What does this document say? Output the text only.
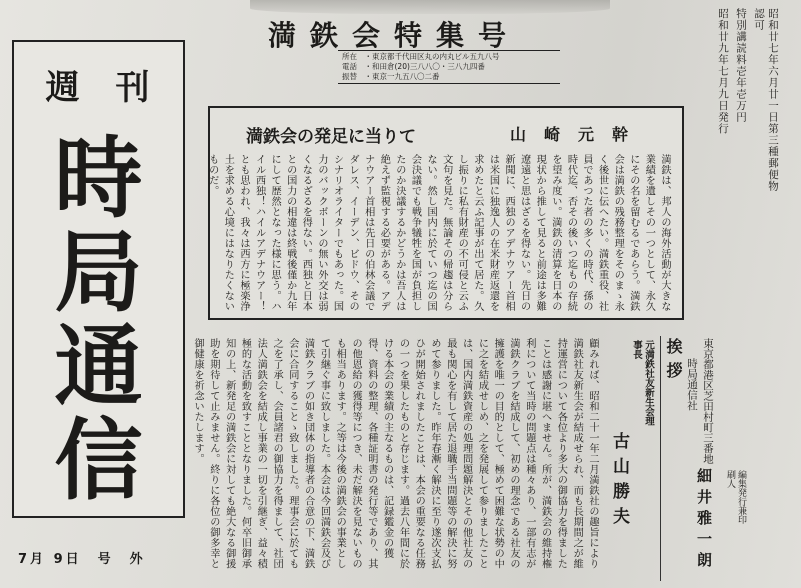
週 刊
時
局
通
信
7月 9日　号　外
満鉄会特集号
所在　・東京都千代田区丸の内丸ビル五九八号
電話　・和田倉(20)三八八〇・三八九四番
振替　・東京一九五八〇二番	昭和廿七年六月廿一日第三種郵便物認可
特別講読料壱年壱万円
昭和廿九年七月九日発行
満鉄会の発足に当りて	山崎元幹
満鉄は、邦人の海外活動が大きな業績を遺しその一つとして、永久にその名を留むるであらう。満鉄会は満鉄の残務整理をそのまゝ永く後世に伝へたい。満鉄重役、社員であつた者の多くの時代、孫の時代迄、否その後いつ迄もの存続を望み度い。満鉄の清算を日本の現状から推して見ると前途は多難遼遠と思はざるを得ない。先日の新聞に、西独のアデナウアー首相は米国に独逸人の在米財産返還を求めたと云ふ記事が出て居た。久し振りに私有財産の不可侵と云ふ文句を見た。無論その帰趨は分らない。然し国内に於ていつ迄の国会決議でも戦争犠牲を国が負担したのか決議するかどうかは吾人は絶えず監視する必要がある。アデナウアー首相は先日の伯林会議でダレス、イーデン、ビドウ、そのシナリオライターでもあった。国力のバックボーンの無い外交は弱くなるざるを得ない。西独と日本との国力の相違は終戦後僅か九年にして歴然となった様に思う。ハイル西独！ハイルアデナウアー！とも思われ、我々は西方に極楽浄土を求める心境にはなりたくないものだ。
東京都港区芝田村町三番地
時局通信社
編集発行兼印刷人
細井雅一朗
挨拶
元満鉄社友新生会理事長
古山勝夫
顧みれば、昭和二十一年二月満鉄社の趣旨により満鉄社友新生会が結成せられ、而も長期間之が維持運営について各位より多大の御協力を得ましたことは感謝に堪へません。所が、満鉄会の維持権利について当時の問題点は種々あり、一部有志が満鉄クラブを結成して、初めの理念である社友の擁護を唯一の目的として、極めて困難な状勢の中に之を結成せしめ、之を発展して参りましたことは、国内満鉄資産の処理問題解決とその他社友の最も関心を有して居た退職手当問題等の解決に努めて参りました。昨年春漸く解決に至り遂次支払ひが開始されましたことは、本会の重要なる任務の一つを果したものと存じます。過去八年間に於ける本会の業績の主なるものは、記録鑑金の獲得、資料の整理、各種証明書の発行等であり、其の他恩給の獲得等につき、未だ解決を見ないものも相当あります。之等は今後の満鉄会の事業として引継ぐ事に致しました。本会は今回満鉄会及び満鉄クラブの如き団体の指導者の合意の下、満鉄会に合同することゝ致しました。理事会に於ても之を了承し、会員諸君の御協力を得まして、社団法人満鉄会を結成し事業の一切を引継ぎ、益々積極的な活動を致すこととなりました。何卒旧御承知の上、新発足の満鉄会に対しても絶大なる御援助を期待して止みません。終りに各位の御多幸と御健康を祈念いたします。
